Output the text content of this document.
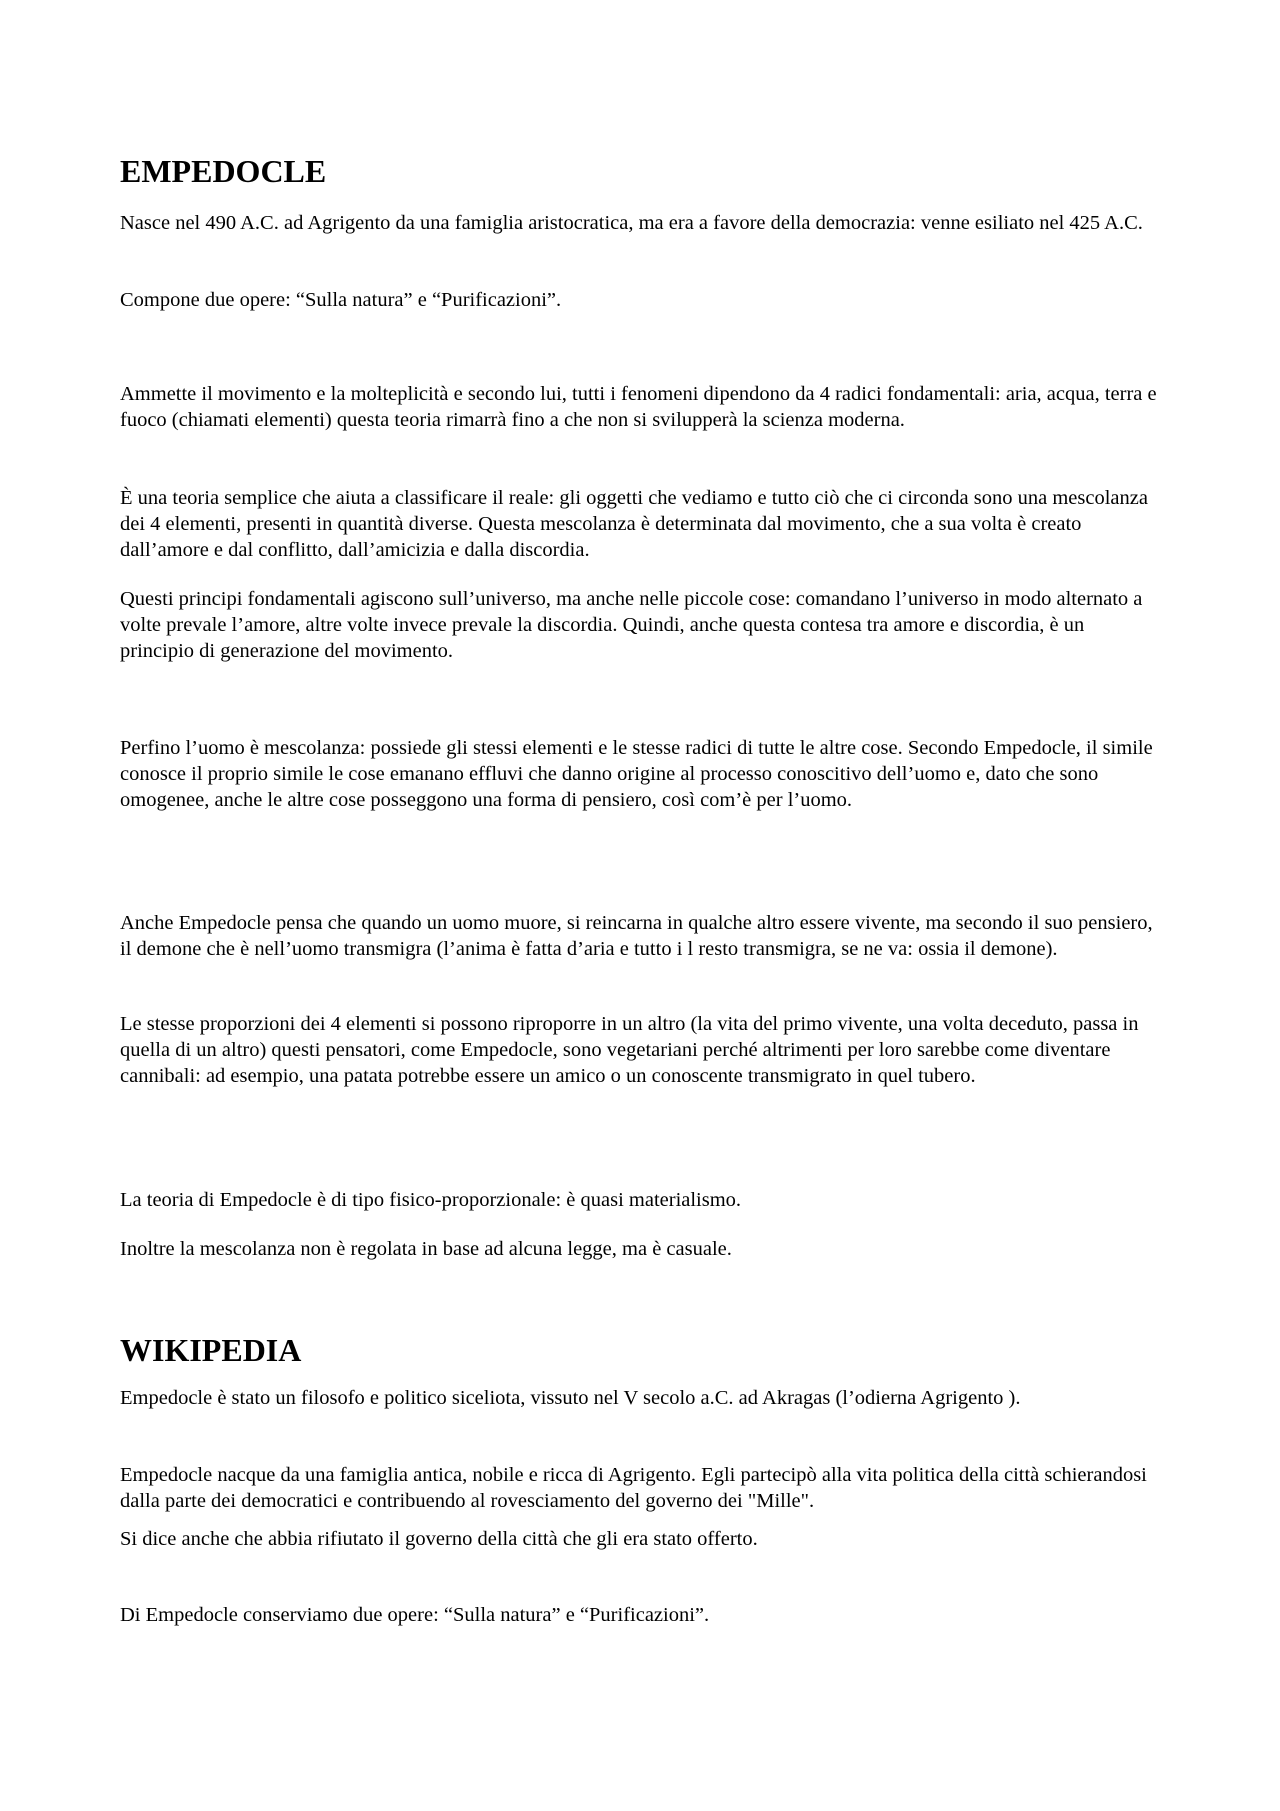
EMPEDOCLE

Nasce nel 490 A.C. ad Agrigento da una famiglia aristocratica, ma era a favore della democrazia: venne esiliato nel 425 A.C.

Compone due opere: “Sulla natura” e “Purificazioni”.

Ammette il movimento e la molteplicità e secondo lui, tutti i fenomeni dipendono da 4 radici fondamentali: aria, acqua, terra e fuoco (chiamati elementi) questa teoria rimarrà fino a che non si svilupperà la scienza moderna.

È una teoria semplice che aiuta a classificare il reale: gli oggetti che vediamo e tutto ciò che ci circonda sono una mescolanza dei 4 elementi, presenti in quantità diverse. Questa mescolanza è determinata dal movimento, che a sua volta è creato dall’amore e dal conflitto, dall’amicizia e dalla discordia.

Questi principi fondamentali agiscono sull’universo, ma anche nelle piccole cose: comandano l’universo in modo alternato a volte prevale l’amore, altre volte invece prevale la discordia. Quindi, anche questa contesa tra amore e discordia, è un principio di generazione del movimento.

Perfino l’uomo è mescolanza: possiede gli stessi elementi e le stesse radici di tutte le altre cose. Secondo Empedocle, il simile conosce il proprio simile le cose emanano effluvi che danno origine al processo conoscitivo dell’uomo e, dato che sono omogenee, anche le altre cose posseggono una forma di pensiero, così com’è per l’uomo.

Anche Empedocle pensa che quando un uomo muore, si reincarna in qualche altro essere vivente, ma secondo il suo pensiero, il demone che è nell’uomo transmigra (l’anima è fatta d’aria e tutto i l resto transmigra, se ne va: ossia il demone).

Le stesse proporzioni dei 4 elementi si possono riproporre in un altro (la vita del primo vivente, una volta deceduto, passa in quella di un altro) questi pensatori, come Empedocle, sono vegetariani perché altrimenti per loro sarebbe come diventare cannibali: ad esempio, una patata potrebbe essere un amico o un conoscente transmigrato in quel tubero.

La teoria di Empedocle è di tipo fisico-proporzionale: è quasi materialismo.

Inoltre la mescolanza non è regolata in base ad alcuna legge, ma è casuale.

WIKIPEDIA

Empedocle è stato un filosofo e politico siceliota, vissuto nel V secolo a.C. ad Akragas (l’odierna Agrigento ).

Empedocle nacque da una famiglia antica, nobile e ricca di Agrigento. Egli partecipò alla vita politica della città schierandosi dalla parte dei democratici e contribuendo al rovesciamento del governo dei "Mille".

Si dice anche che abbia rifiutato il governo della città che gli era stato offerto.

Di Empedocle conserviamo due opere: “Sulla natura” e “Purificazioni”.
